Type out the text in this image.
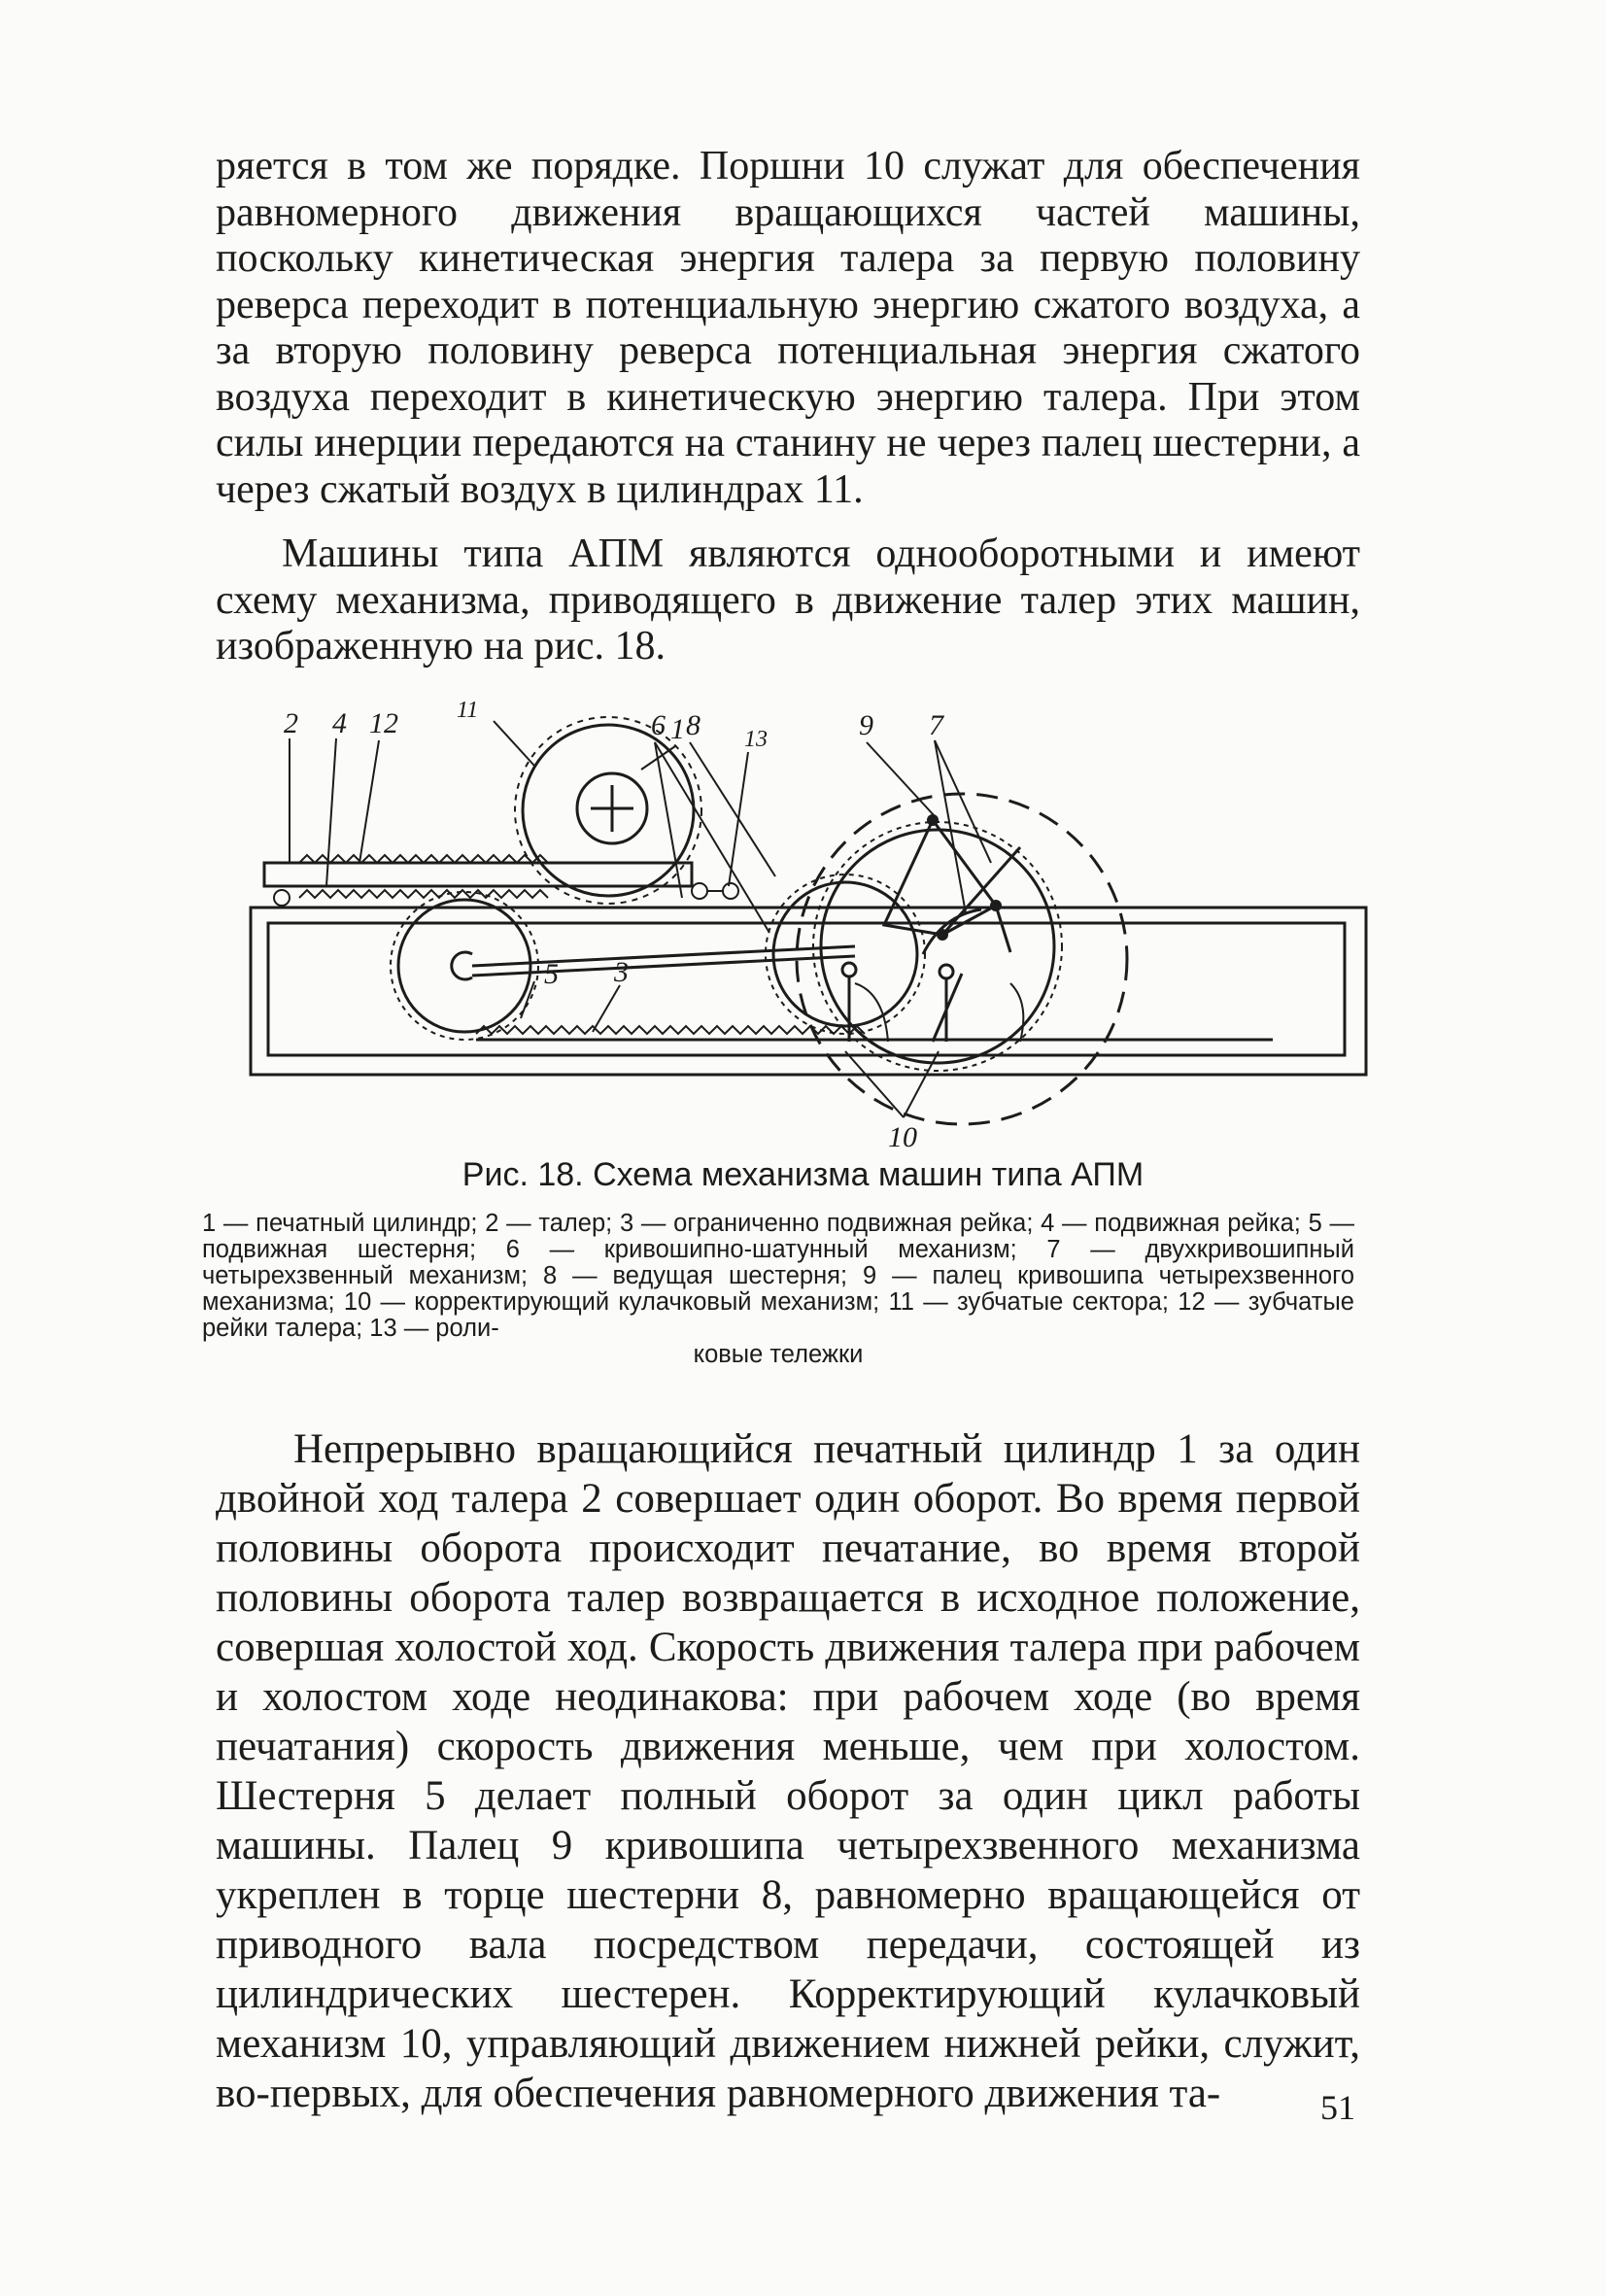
ряется в том же порядке. Поршни 10 служат для обеспечения равномерного движения вращающихся частей машины, поскольку кинетическая энергия талера за первую половину реверса переходит в потенциальную энергию сжатого воздуха, а за вторую половину реверса потенциальная энергия сжатого воздуха переходит в кинетическую энергию талера. При этом силы инерции передаются на станину не через палец шестерни, а через сжатый воздух в цилиндрах 11.

Машины типа АПМ являются однооборотными и имеют схему механизма, приводящего в движение талер этих машин, изображенную на рис. 18.

2 4 12	11
1	13
6 8	9 7
5 3
10

Рис. 18. Схема механизма машин типа АПМ

1 — печатный цилиндр; 2 — талер; 3 — ограниченно подвижная рейка; 4 — подвижная рейка; 5 — подвижная шестерня; 6 — кривошипно-шатунный механизм; 7 — двухкривошипный четырехзвенный механизм; 8 — ведущая шестерня; 9 — палец кривошипа четырехзвенного механизма; 10 — корректирующий кулачковый механизм; 11 — зубчатые сектора; 12 — зубчатые рейки талера; 13 — роли-
ковые тележки

Непрерывно вращающийся печатный цилиндр 1 за один двойной ход талера 2 совершает один оборот. Во время первой половины оборота происходит печатание, во время второй половины оборота талер возвращается в исходное положение, совершая холостой ход. Скорость движения талера при рабочем и холостом ходе неодинакова: при рабочем ходе (во время печатания) скорость движения меньше, чем при холостом. Шестерня 5 делает полный оборот за один цикл работы машины. Палец 9 кривошипа четырехзвенного механизма укреплен в торце шестерни 8, равномерно вращающейся от приводного вала посредством передачи, состоящей из цилиндрических шестерен. Корректирующий кулачковый механизм 10, управляющий движением нижней рейки, служит, во-первых, для обеспечения равномерного движения та-	51
